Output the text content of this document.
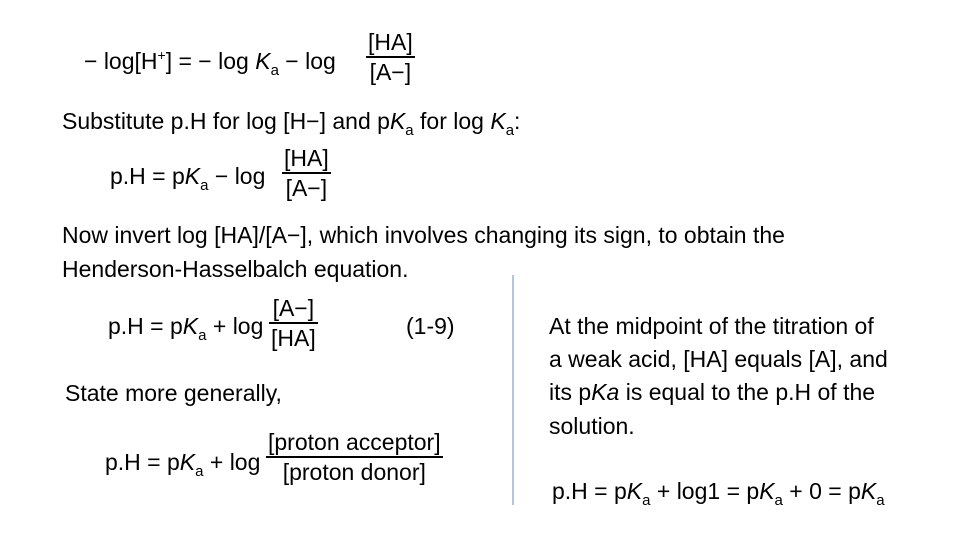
− log[H+] = − $\log K_a - \log$
[HA]
[A−]
Substitute p.H for log [H−] and $pK_a$ for $\log K_a$:
$p.H = pK_a - \log$
[HA]
[A−]
Now invert log [HA]/[A−], which involves changing its sign, to obtain the
Henderson-Hasselbalch equation.
$p.H = pK_a + \log$
[A−]
[HA]	(1-9)
State more generally,
$p.H = pK_a + \log$
[proton acceptor]
[proton donor]
At the midpoint of the titration of
a weak acid, [HA] equals [A], and
its pKa is equal to the p.H of the
solution.
$p.H = pK_a + \log 1 = pK_a + 0 = pK_a$
